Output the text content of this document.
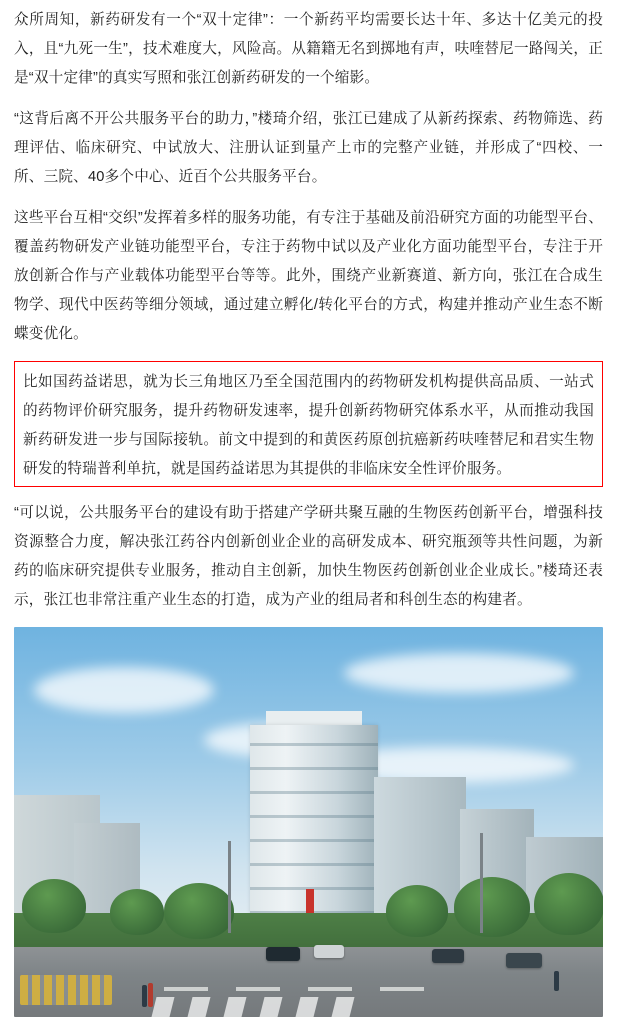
众所周知，新药研发有一个“双十定律”：一个新药平均需要长达十年、多达十亿美元的投入，且“九死一生”，技术难度大，风险高。从籍籍无名到掷地有声，呋喹替尼一路闯关，正是“双十定律”的真实写照和张江创新药研发的一个缩影。

“这背后离不开公共服务平台的助力，”楼琦介绍，张江已建成了从新药探索、药物筛选、药理评估、临床研究、中试放大、注册认证到量产上市的完整产业链，并形成了“四校、一所、三院、40多个中心、近百个公共服务平台。

这些平台互相“交织”发挥着多样的服务功能，有专注于基础及前沿研究方面的功能型平台、覆盖药物研发产业链功能型平台，专注于药物中试以及产业化方面功能型平台，专注于开放创新合作与产业载体功能型平台等等。此外，围绕产业新赛道、新方向，张江在合成生物学、现代中医药等细分领域，通过建立孵化/转化平台的方式，构建并推动产业生态不断蝶变优化。

比如国药益诺思，就为长三角地区乃至全国范围内的药物研发机构提供高品质、一站式的药物评价研究服务，提升药物研发速率，提升创新药物研究体系水平，从而推动我国新药研发进一步与国际接轨。前文中提到的和黄医药原创抗癌新药呋喹替尼和君实生物研发的特瑞普利单抗，就是国药益诺思为其提供的非临床安全性评价服务。

“可以说，公共服务平台的建设有助于搭建产学研共聚互融的生物医药创新平台，增强科技资源整合力度，解决张江药谷内创新创业企业的高研发成本、研究瓶颈等共性问题，为新药的临床研究提供专业服务，推动自主创新，加快生物医药创新创业企业成长。”楼琦还表示，张江也非常注重产业生态的打造，成为产业的组局者和科创生态的构建者。
